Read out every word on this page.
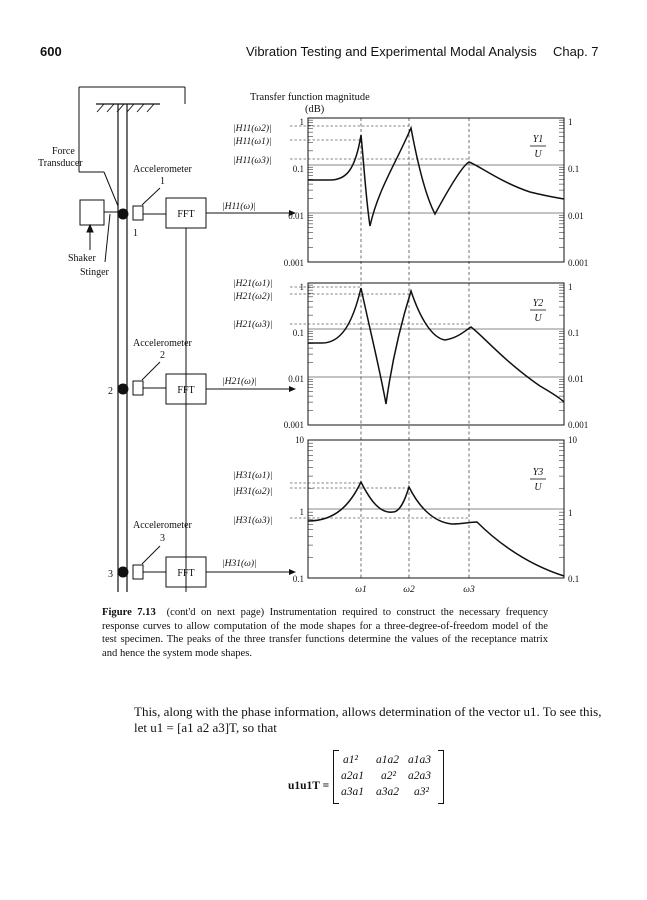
600	Vibration Testing and Experimental Modal Analysis Chap. 7
Force
Transducer
Shaker
Stinger
Accelerometer
1
Accelerometer
2
Accelerometer
3
1
2
3
FFT
FFT
FFT
Transfer function magnitude
(dB)
1
0.1
0.01
0.001
1
0.1
0.01
0.001
Y1
U
|H11(ω2)|
|H11(ω1)|
|H11(ω3)|
|H11(ω)|
1
0.1
0.01
0.001
1
0.1
0.01
0.001
Y2
U
|H21(ω1)|
|H21(ω2)|
|H21(ω3)|
|H21(ω)|
10
1
0.1
10
1
0.1
Y3
U
|H31(ω1)|
|H31(ω2)|
|H31(ω3)|
|H31(ω)|
ω1	ω2	ω3
Figure 7.13 (cont'd on next page) Instrumentation required to construct the necessary frequency response curves to allow computation of the mode shapes for a three-degree-of-freedom model of the test specimen. The peaks of the three transfer functions determine the values of the receptance matrix and hence the system mode shapes.
This, along with the phase information, allows determination of the vector u1. To see this, let u1 = [a1 a2 a3]T, so that
u1u1T =
a1² a1a2 a1a3
a2a1 a2² a2a3
a3a1 a3a2 a3²
